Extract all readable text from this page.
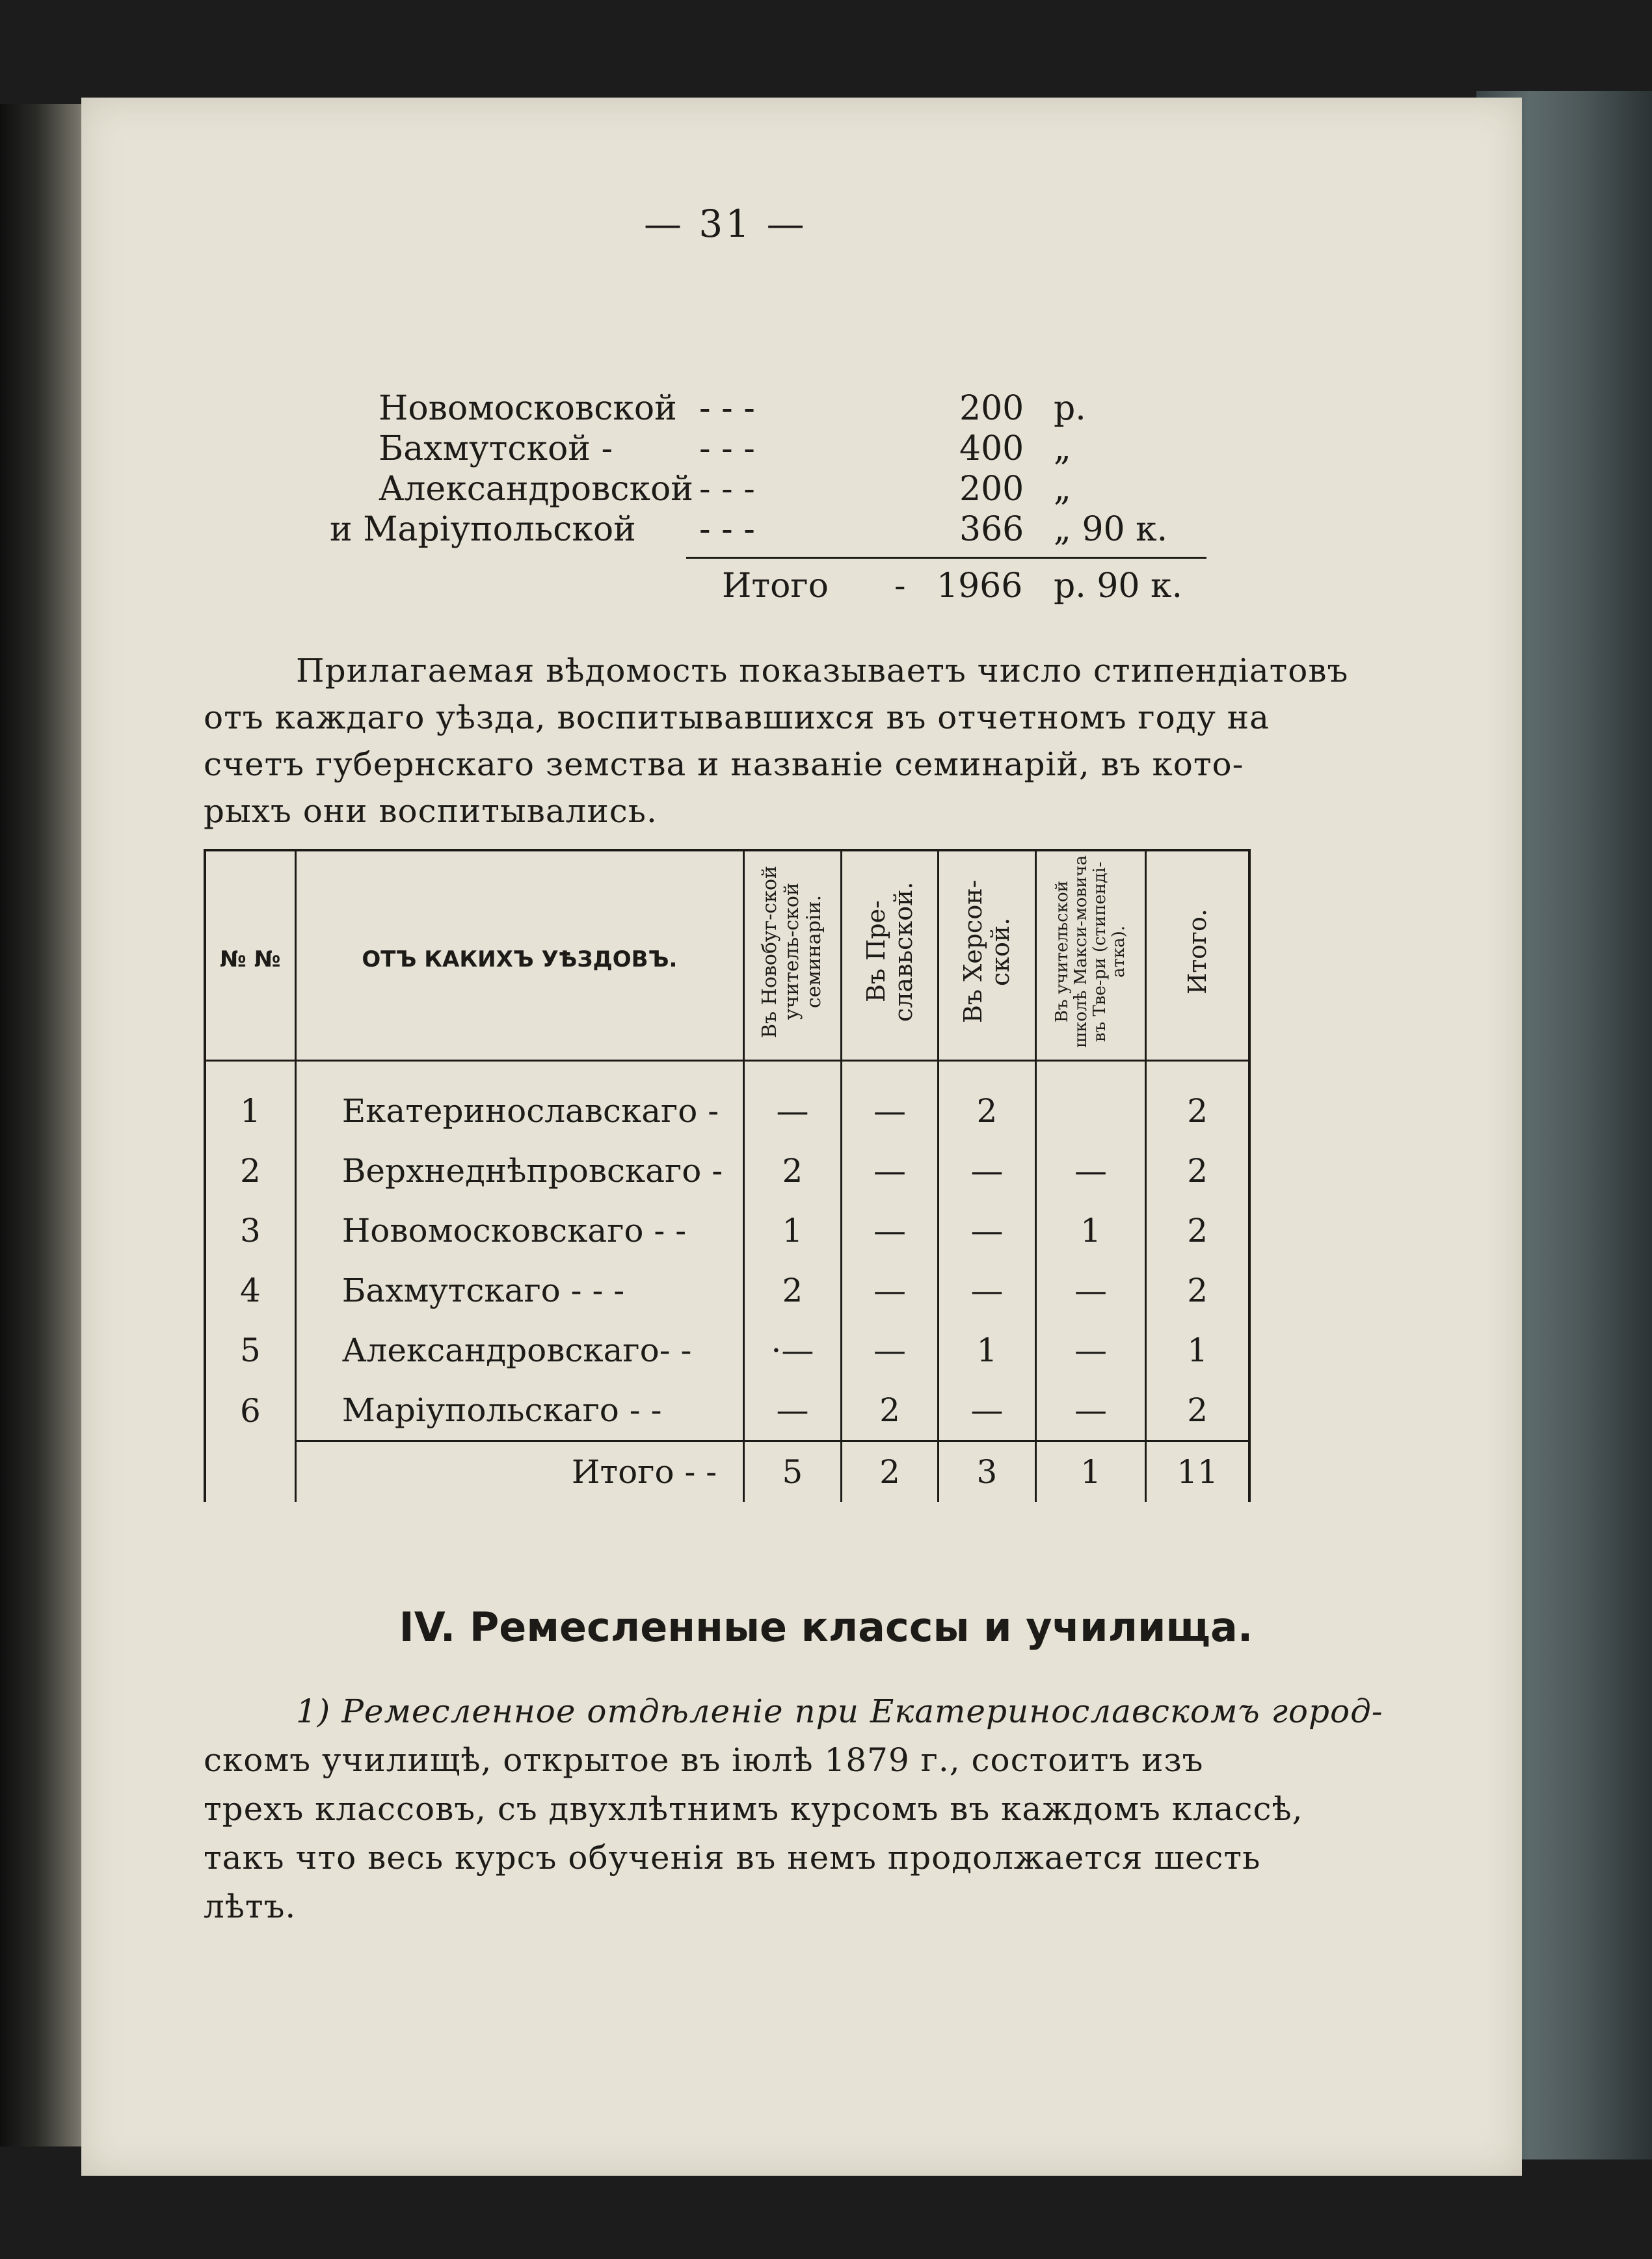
— 31 —
Новомосковской - - -	200 р.
Бахмутской -	- - -	400 „
Александровской - - -	200 „
и Маріупольской - - -	366 „ 90 к.
Итого - 1966 р. 90 к.
Прилагаемая вѣдомость показываетъ число стипендіатовъ
отъ каждаго уѣзда, воспитывавшихся въ отчетномъ году на
счетъ губернскаго земства и названіе семинарій, въ кото-
рыхъ они воспитывались.
№ №	ОТЪ КАКИХЪ УѢЗДОВЪ.	Въ Новобуг-ской учитель-ской семинаріи.	Въ Пре-славьской.	Въ Херсон-ской.	Въ учительской школѣ Макси-мовича въ Тве-ри (стипенді-атка).	Итого.
1	Екатеринославскаго -	—	—	2		2
2	Верхнеднѣпровскаго -	2	—	—	—	2
3	Новомосковскаго - -	1	—	—	1	2
4	Бахмутскаго - - -	2	—	—	—	2
5	Александровскаго- -	·—	—	1	—	1
6	Маріупольскаго - -	—	2	—	—	2
	Итого - -	5	2	3	1	11
IV. Ремесленные классы и училища.
1) Ремесленное отдѣленіе при Екатеринославскомъ город-
скомъ училищѣ, открытое въ іюлѣ 1879 г., состоитъ изъ
трехъ классовъ, съ двухлѣтнимъ курсомъ въ каждомъ классѣ,
такъ что весь курсъ обученія въ немъ продолжается шесть
лѣтъ.
